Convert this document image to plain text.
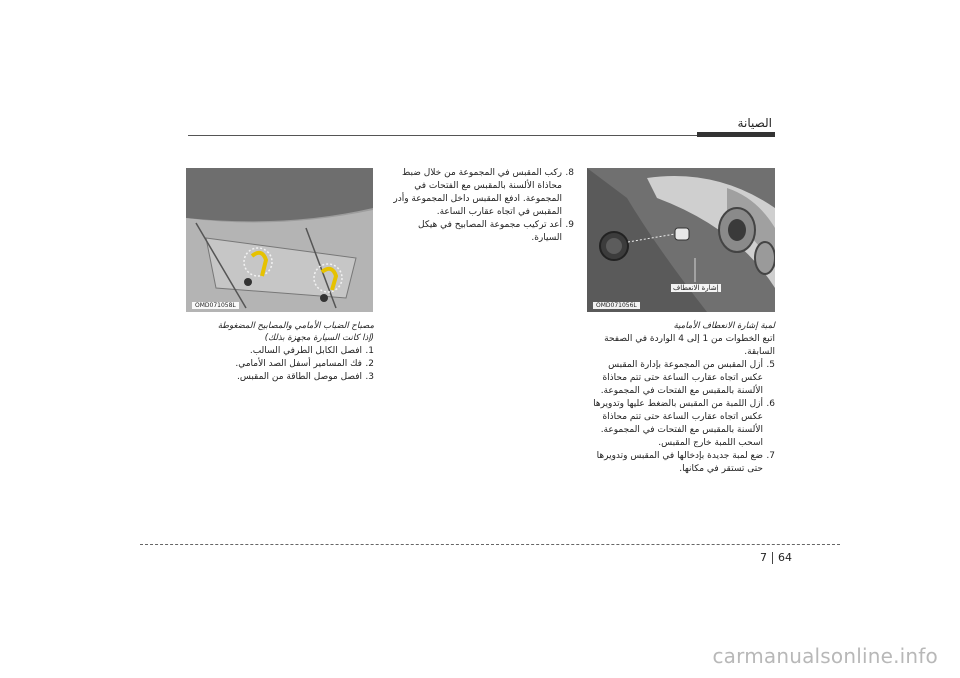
الصيانة
إشارة الانعطاف
OMD071056L
OMD071058L
لمبة إشارة الانعطاف الأمامية

اتبع الخطوات من 1 إلى 4 الواردة في الصفحة السابقة.

5.
أزل المقبس من المجموعة بإدارة المقبس عكس اتجاه عقارب الساعة حتى تتم محاذاة الألسنة بالمقبس مع الفتحات في المجموعة.
6.
أزل اللمبة من المقبس بالضغط عليها وتدويرها عكس اتجاه عقارب الساعة حتى تتم محاذاة الألسنة بالمقبس مع الفتحات في المجموعة. اسحب اللمبة خارج المقبس.
7.
ضع لمبة جديدة بإدخالها في المقبس وتدويرها حتى تستقر في مكانها.
8.
ركب المقبس في المجموعة من خلال ضبط محاذاة الألسنة بالمقبس مع الفتحات في المجموعة. ادفع المقبس داخل المجموعة وأدر المقبس في اتجاه عقارب الساعة.
9.
أعد تركيب مجموعة المصابيح في هيكل السيارة.
مصباح الضباب الأمامي والمصابيح المضغوطة
(إذا كانت السيارة مجهزة بذلك)
1.
افصل الكابل الطرفي السالب.
2.
فك المسامير أسفل الصد الأمامي.
3.
افصل موصل الطاقة من المقبس.
7 64
carmanualsonline.info
